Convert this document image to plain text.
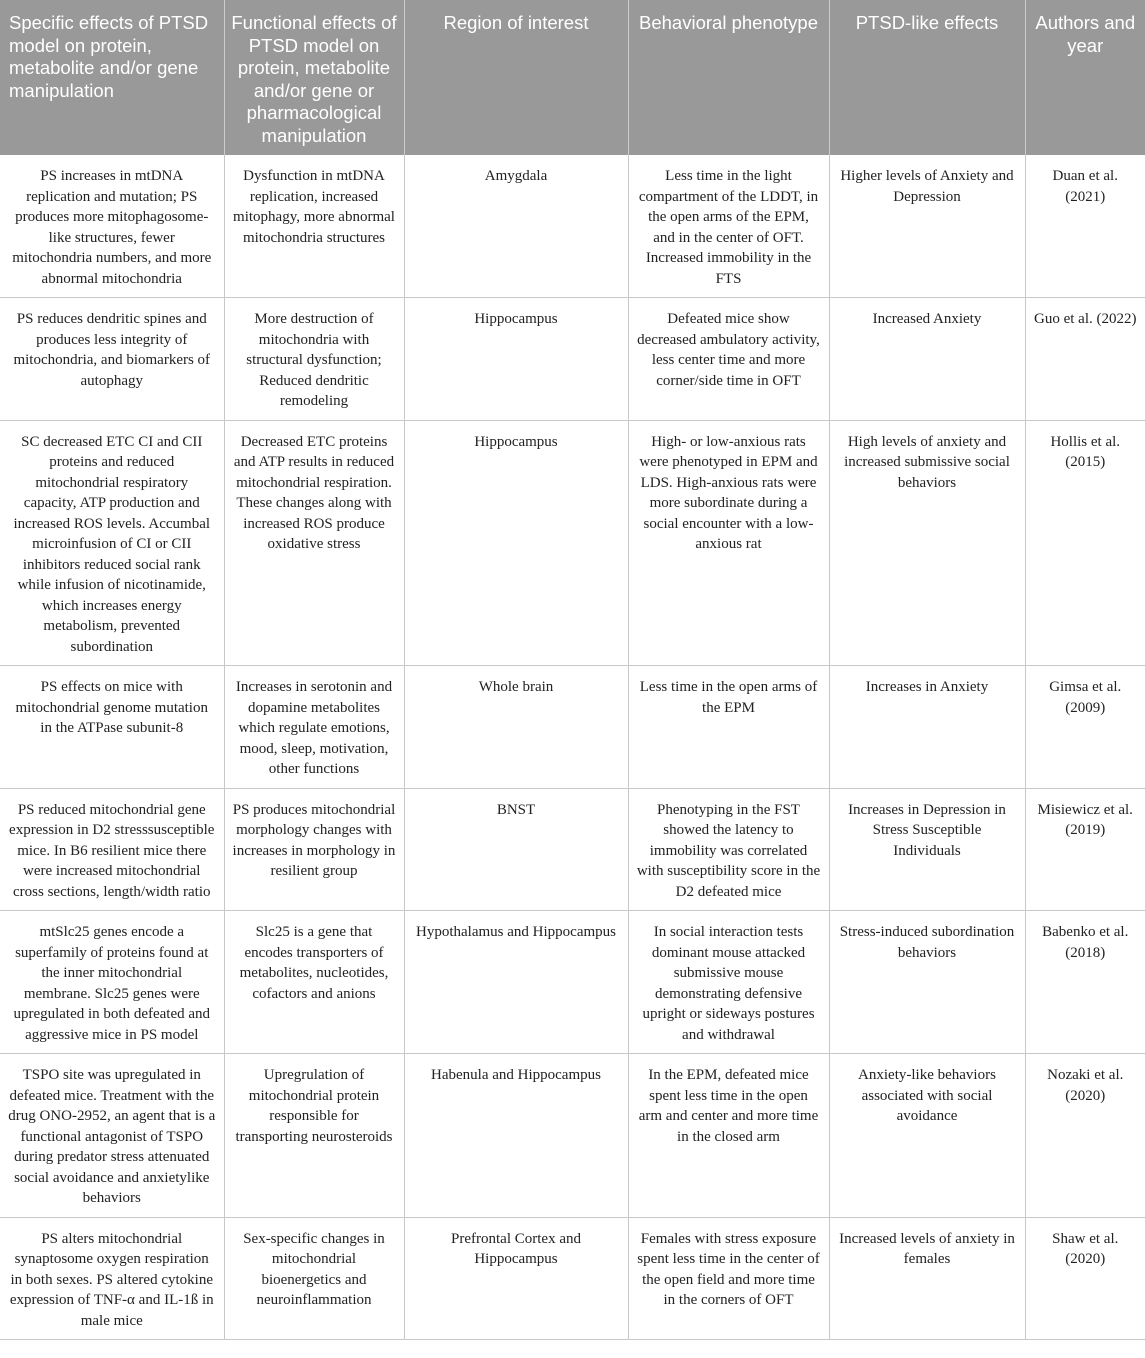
Specific effects of PTSD model on protein, metabolite and/or gene manipulation	Functional effects of PTSD model on protein, metabolite and/or gene or pharmacological manipulation	Region of interest	Behavioral phenotype	PTSD-like effects	Authors and year
PS increases in mtDNA replication and mutation; PS produces more mitophagosome-like structures, fewer mitochondria numbers, and more abnormal mitochondria	Dysfunction in mtDNA replication, increased mitophagy, more abnormal mitochondria structures	Amygdala	Less time in the light compartment of the LDDT, in the open arms of the EPM, and in the center of OFT. Increased immobility in the FTS	Higher levels of Anxiety and Depression	Duan et al. (2021)
PS reduces dendritic spines and produces less integrity of mitochondria, and biomarkers of autophagy	More destruction of mitochondria with structural dysfunction; Reduced dendritic remodeling	Hippocampus	Defeated mice show decreased ambulatory activity, less center time and more corner/side time in OFT	Increased Anxiety	Guo et al. (2022)
SC decreased ETC CI and CII proteins and reduced mitochondrial respiratory capacity, ATP production and increased ROS levels. Accumbal microinfusion of CI or CII inhibitors reduced social rank while infusion of nicotinamide, which increases energy metabolism, prevented subordination	Decreased ETC proteins and ATP results in reduced mitochondrial respiration. These changes along with increased ROS produce oxidative stress	Hippocampus	High- or low-anxious rats were phenotyped in EPM and LDS. High-anxious rats were more subordinate during a social encounter with a low-anxious rat	High levels of anxiety and increased submissive social behaviors	Hollis et al. (2015)
PS effects on mice with mitochondrial genome mutation in the ATPase subunit-8	Increases in serotonin and dopamine metabolites which regulate emotions, mood, sleep, motivation, other functions	Whole brain	Less time in the open arms of the EPM	Increases in Anxiety	Gimsa et al. (2009)
PS reduced mitochondrial gene expression in D2 stresssusceptible mice. In B6 resilient mice there were increased mitochondrial cross sections, length/width ratio	PS produces mitochondrial morphology changes with increases in morphology in resilient group	BNST	Phenotyping in the FST showed the latency to immobility was correlated with susceptibility score in the D2 defeated mice	Increases in Depression in Stress Susceptible Individuals	Misiewicz et al. (2019)
mtSlc25 genes encode a superfamily of proteins found at the inner mitochondrial membrane. Slc25 genes were upregulated in both defeated and aggressive mice in PS model	Slc25 is a gene that encodes transporters of metabolites, nucleotides, cofactors and anions	Hypothalamus and Hippocampus	In social interaction tests dominant mouse attacked submissive mouse demonstrating defensive upright or sideways postures and withdrawal	Stress-induced subordination behaviors	Babenko et al. (2018)
TSPO site was upregulated in defeated mice. Treatment with the drug ONO-2952, an agent that is a functional antagonist of TSPO during predator stress attenuated social avoidance and anxietylike behaviors	Upregrulation of mitochondrial protein responsible for transporting neurosteroids	Habenula and Hippocampus	In the EPM, defeated mice spent less time in the open arm and center and more time in the closed arm	Anxiety-like behaviors associated with social avoidance	Nozaki et al. (2020)
PS alters mitochondrial synaptosome oxygen respiration in both sexes. PS altered cytokine expression of TNF-α and IL-1ß in male mice	Sex-specific changes in mitochondrial bioenergetics and neuroinflammation	Prefrontal Cortex and Hippocampus	Females with stress exposure spent less time in the center of the open field and more time in the corners of OFT	Increased levels of anxiety in females	Shaw et al. (2020)
